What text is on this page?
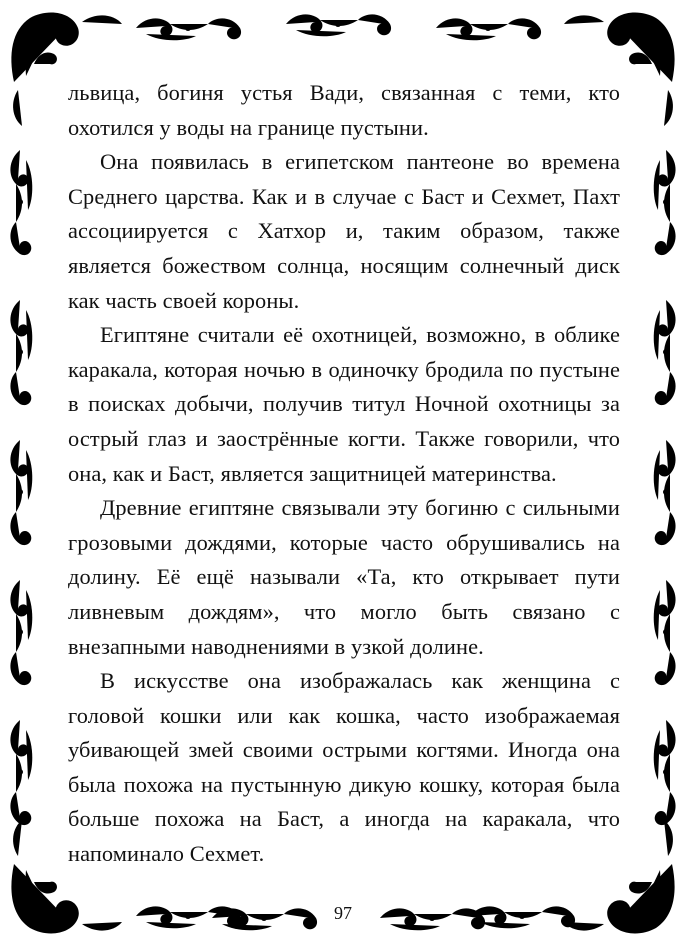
львица, богиня устья Вади, связанная с теми, кто охотился у воды на границе пустыни.

Она появилась в египетском пантеоне во времена Среднего царства. Как и в случае с Баст и Сехмет, Пахт ассоциируется с Хатхор и, таким образом, также является божеством солнца, носящим солнечный диск как часть своей короны.

Египтяне считали её охотницей, возможно, в облике каракала, которая ночью в одиночку бродила по пустыне в поисках добычи, получив титул Ночной охотницы за острый глаз и заострённые когти. Также говорили, что она, как и Баст, является защитницей материнства.

Древние египтяне связывали эту богиню с сильными грозовыми дождями, которые часто обрушивались на долину. Её ещё называли «Та, кто открывает пути ливневым дождям», что могло быть связано с внезапными наводнениями в узкой долине.

В искусстве она изображалась как женщина с головой кошки или как кошка, часто изображаемая убивающей змей своими острыми когтями. Иногда она была похожа на пустынную дикую кошку, которая была больше похожа на Баст, а иногда на каракала, что напоминало Сехмет.

97
